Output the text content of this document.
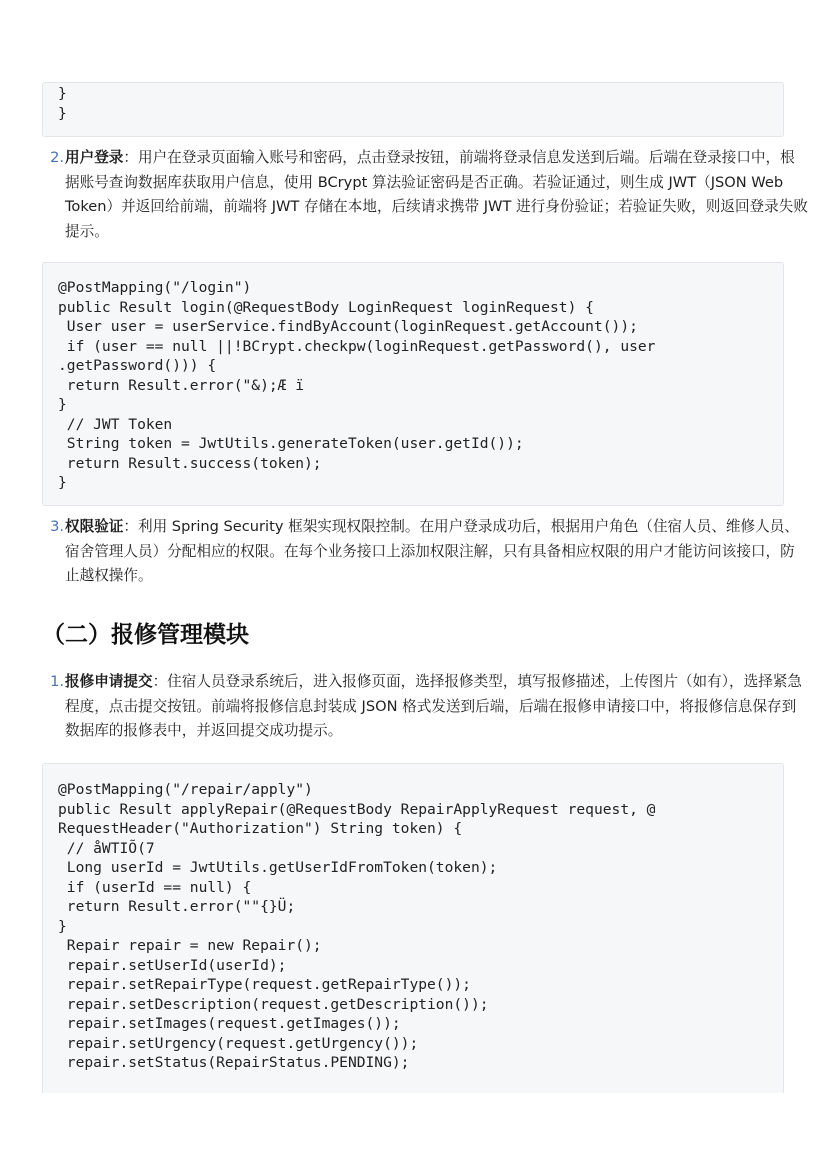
}
}
2. 用户登录：用户在登录页面输入账号和密码，点击登录按钮，前端将登录信息发送到后端。后端在登录接口中，根据账号查询数据库获取用户信息，使用 BCrypt 算法验证密码是否正确。若验证通过，则生成 JWT（JSON Web Token）并返回给前端，前端将 JWT 存储在本地，后续请求携带 JWT 进行身份验证；若验证失败，则返回登录失败提示。
@PostMapping("/login")
public Result login(@RequestBody LoginRequest loginRequest) {
User user = userService.findByAccount(loginRequest.getAccount());
if (user == null ||!BCrypt.checkpw(loginRequest.getPassword(), user
.getPassword())) {
return Result.error("&);Æ ï
}
// JWT Token
String token = JwtUtils.generateToken(user.getId());
return Result.success(token);
}
3. 权限验证：利用 Spring Security 框架实现权限控制。在用户登录成功后，根据用户角色（住宿人员、维修人员、宿舍管理人员）分配相应的权限。在每个业务接口上添加权限注解，只有具备相应权限的用户才能访问该接口，防止越权操作。
（二）报修管理模块
1. 报修申请提交：住宿人员登录系统后，进入报修页面，选择报修类型，填写报修描述，上传图片（如有），选择紧急程度，点击提交按钮。前端将报修信息封装成 JSON 格式发送到后端，后端在报修申请接口中，将报修信息保存到数据库的报修表中，并返回提交成功提示。
@PostMapping("/repair/apply")
public Result applyRepair(@RequestBody RepairApplyRequest request, @
RequestHeader("Authorization") String token) {
// åWTIÕ(7
Long userId = JwtUtils.getUserIdFromToken(token);
if (userId == null) {
return Result.error(""{}Ü;
}
Repair repair = new Repair();
repair.setUserId(userId);
repair.setRepairType(request.getRepairType());
repair.setDescription(request.getDescription());
repair.setImages(request.getImages());
repair.setUrgency(request.getUrgency());
repair.setStatus(RepairStatus.PENDING);
